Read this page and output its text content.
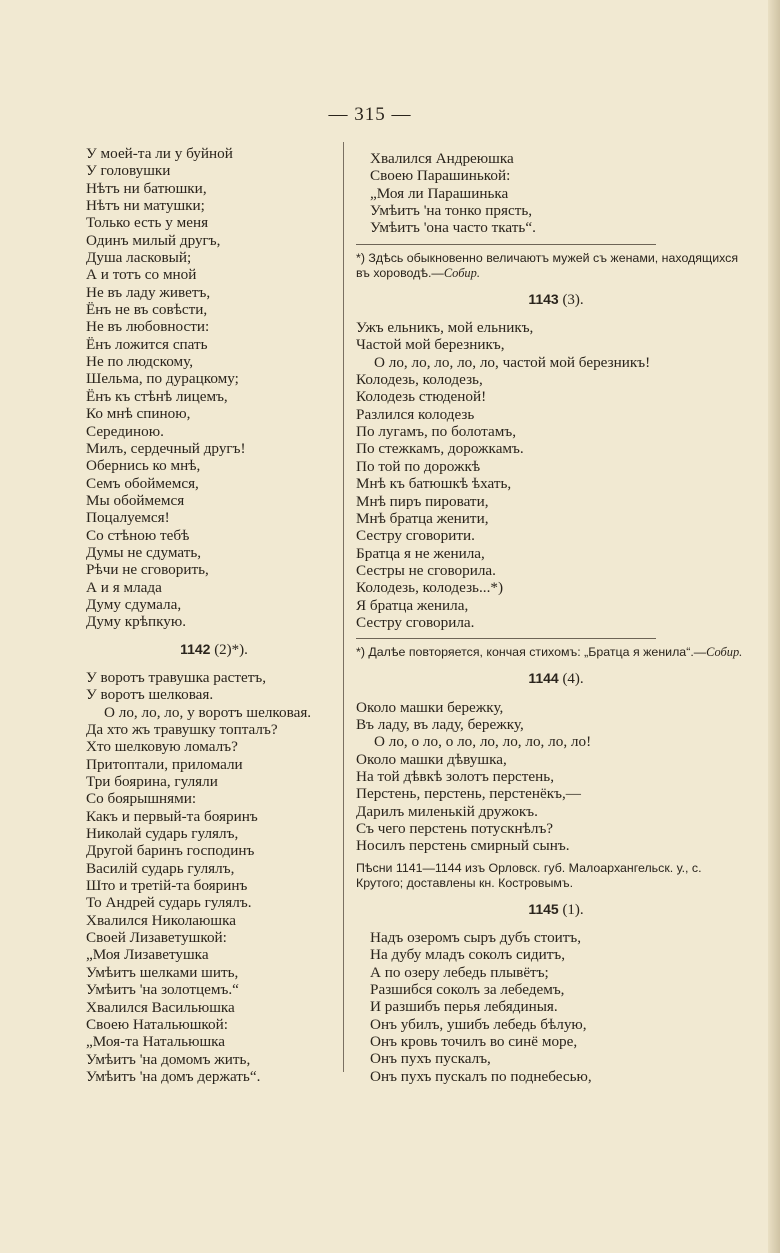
— 315 —
У моей-та ли у буйной
У головушки
Нѣтъ ни батюшки,
Нѣтъ ни матушки;
Только есть у меня
Одинъ милый другъ,
Душа ласковый;
А и тотъ со мной
Не въ ладу живетъ,
Ёнъ не въ совѣсти,
Не въ любовности:
Ёнъ ложится спать
Не по людскому,
Шельма, по дурацкому;
Ёнъ къ стѣнѣ лицемъ,
Ко мнѣ спиною,
Серединою.
Милъ, сердечный другъ!
Обернись ко мнѣ,
Семъ обоймемся,
Мы обоймемся
Поцалуемся!
Со стѣною тебѣ
Думы не сдумать,
Рѣчи не сговорить,
А и я млада
Думу сдумала,
Думу крѣпкую.
1142 (2)*).
У воротъ травушка растетъ,
У воротъ шелковая.
О ло, ло, ло, у воротъ шелковая.
Да хто жъ травушку топталъ?
Хто шелковую ломалъ?
Притоптали, приломали
Три боярина, гуляли
Со боярышнями:
Какъ и первый-та бояринъ
Николай сударь гулялъ,
Другой баринъ господинъ
Василій сударь гулялъ,
Што и третій-та бояринъ
То Андрей сударь гулялъ.
Хвалился Николаюшка
Своей Лизаветушкой:
„Моя Лизаветушка
Умѣитъ шелками шить,
Умѣитъ 'на золотцемъ.“
Хвалился Васильюшка
Своею Натальюшкой:
„Моя-та Натальюшка
Умѣитъ 'на домомъ жить,
Умѣитъ 'на домъ держать“.
Хвалился Андреюшка
Своею Парашинькой:
„Моя ли Парашинька
Умѣитъ 'на тонко прясть,
Умѣитъ 'она часто ткать“.
*) Здѣсь обыкновенно величаютъ мужей съ женами, находящихся въ хороводѣ.—Собир.
1143 (3).
Ужъ ельникъ, мой ельникъ,
Частой мой березникъ,
О ло, ло, ло, ло, ло, частой мой березникъ!
Колодезь, колодезь,
Колодезь стюденой!
Разлился колодезь
По лугамъ, по болотамъ,
По стежкамъ, дорожкамъ.
По той по дорожкѣ
Мнѣ къ батюшкѣ ѣхать,
Мнѣ пиръ пировати,
Мнѣ братца женити,
Сестру сговорити.
Братца я не женила,
Сестры не сговорила.
Колодезь, колодезь...*)
Я братца женила,
Сестру сговорила.
*) Далѣе повторяется, кончая стихомъ: „Братца я женила“.—Собир.
1144 (4).
Около машки бережку,
Въ ладу, въ ладу, бережку,
О ло, о ло, о ло, ло, ло, ло, ло, ло!
Около машки дѣвушка,
На той дѣвкѣ золотъ перстень,
Перстень, перстень, перстенёкъ,—
Дарилъ миленькій дружокъ.
Съ чего перстень потускнѣлъ?
Носилъ перстень смирный сынъ.
Пѣсни 1141—1144 изъ Орловск. губ. Малоархангельск. у., с. Крутого; доставлены кн. Костровымъ.
1145 (1).
Надъ озеромъ сыръ дубъ стоитъ,
На дубу младъ соколъ сидитъ,
А по озеру лебедь плывётъ;
Разшибся соколъ за лебедемъ,
И разшибъ перья лебядиныя.
Онъ убилъ, ушибъ лебедь бѣлую,
Онъ кровь точилъ во синё море,
Онъ пухъ пускалъ,
Онъ пухъ пускалъ по поднебесью,
